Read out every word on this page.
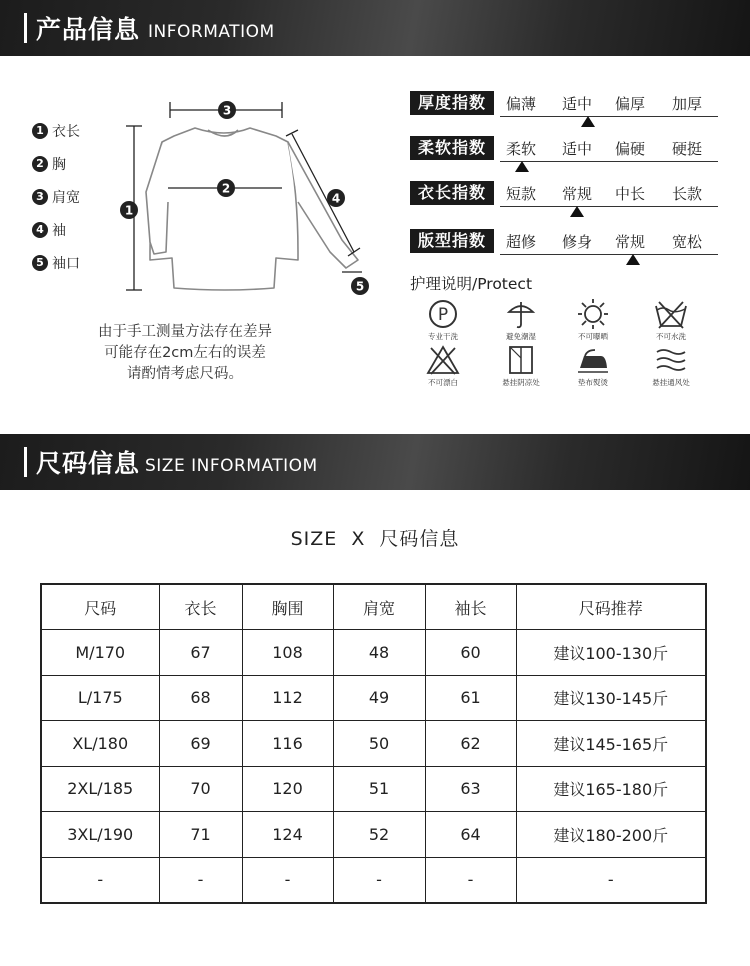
产品信息 INFORMATIOM
1 衣长
2 胸
3 肩宽
4 袖
5 袖口
3
2
1
4
5
由于手工测量方法存在差异
可能存在2cm左右的误差
请酌情考虑尺码。
厚度指数	偏薄 适中 偏厚 加厚
柔软指数	柔软 适中 偏硬 硬挺
衣长指数	短款 常规 中长 长款
版型指数	超修 修身 常规 宽松
护理说明/Protect
P
专业干洗	避免潮湿	不可曝晒	不可水洗
不可漂白	悬挂阴凉处	垫布熨烫	悬挂通风处
尺码信息 SIZE INFORMATIOM
SIZE  X  尺码信息
尺码	衣长	胸围	肩宽	袖长	尺码推荐
M/170	67	108	48	60	建议100-130斤
L/175	68	112	49	61	建议130-145斤
XL/180	69	116	50	62	建议145-165斤
2XL/185	70	120	51	63	建议165-180斤
3XL/190	71	124	52	64	建议180-200斤
-	-	-	-	-	-
